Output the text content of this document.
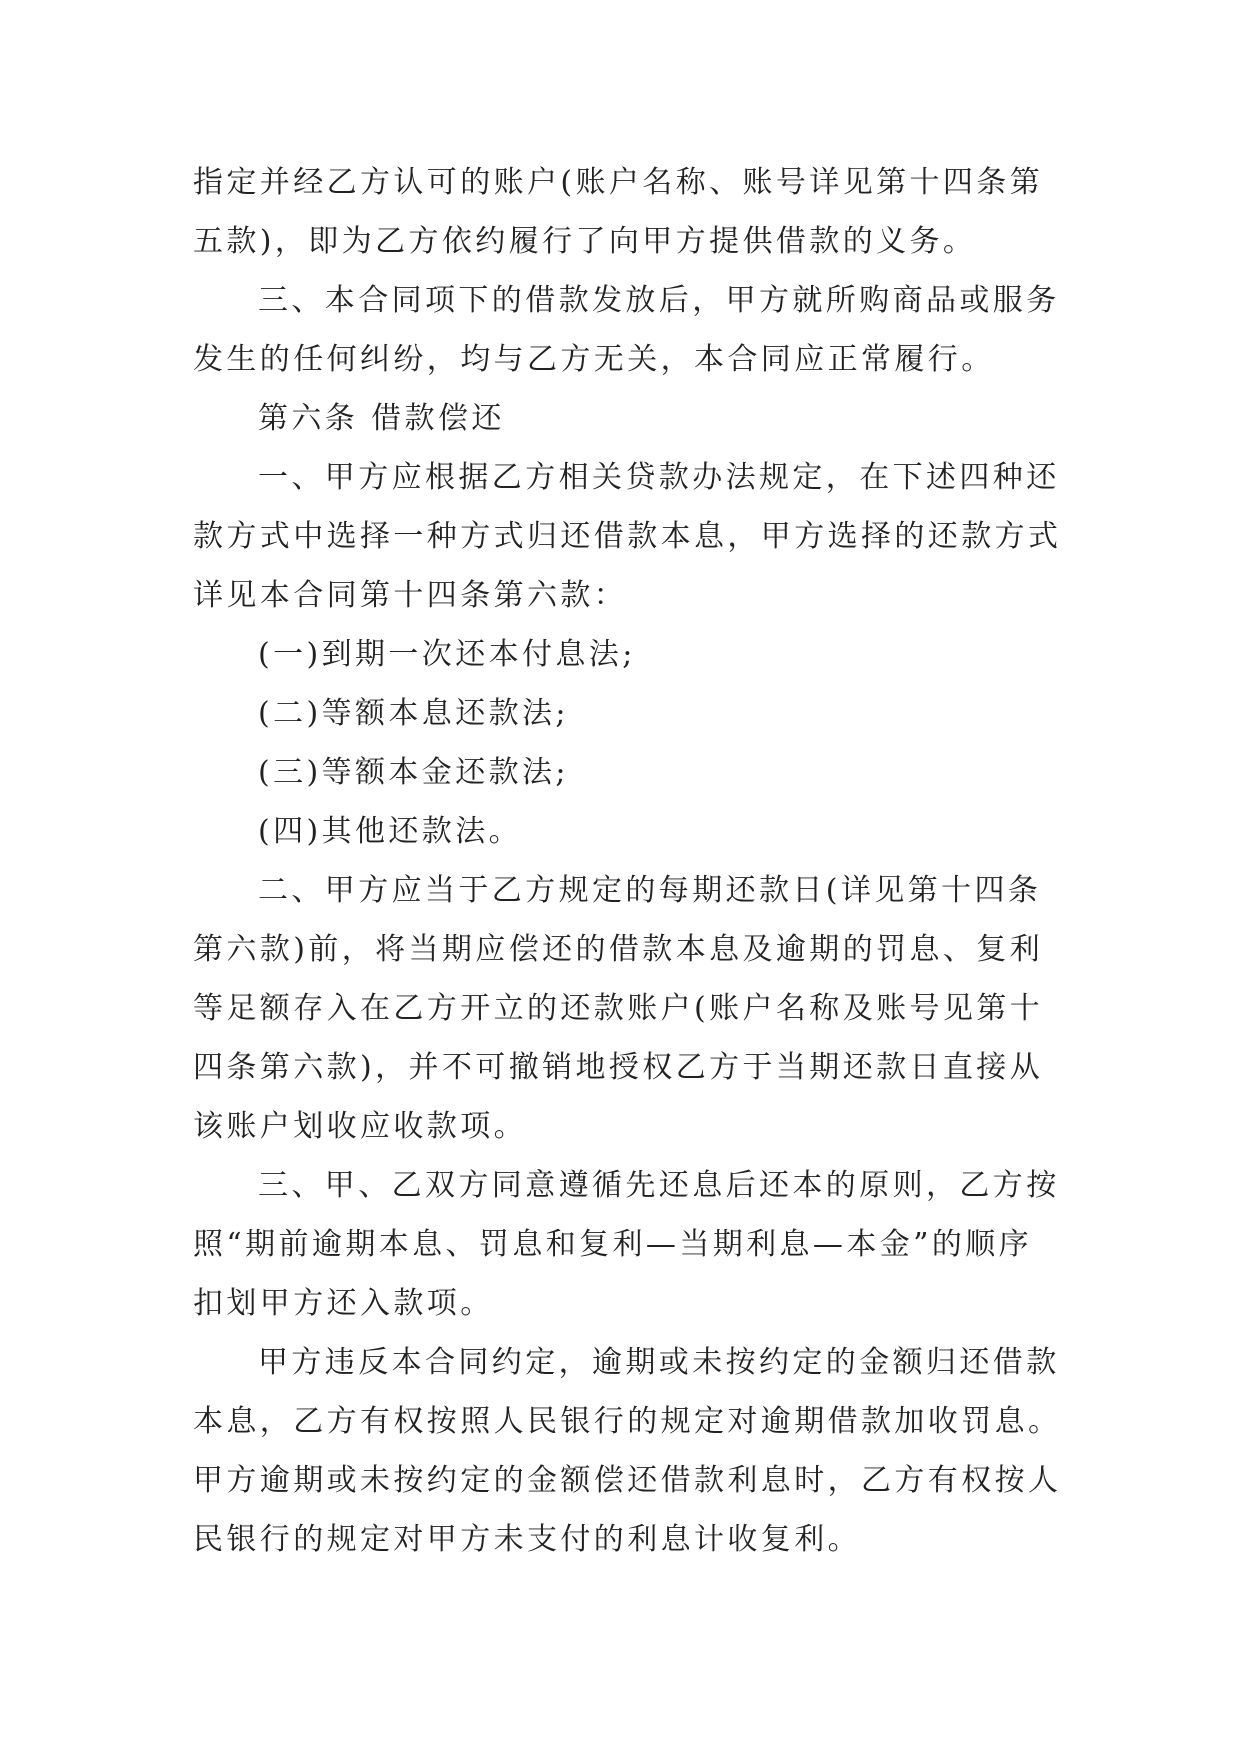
指定并经乙方认可的账户(账户名称、账号详见第十四条第
五款)，即为乙方依约履行了向甲方提供借款的义务。
三、本合同项下的借款发放后，甲方就所购商品或服务
发生的任何纠纷，均与乙方无关，本合同应正常履行。
第六条 借款偿还
一、甲方应根据乙方相关贷款办法规定，在下述四种还
款方式中选择一种方式归还借款本息，甲方选择的还款方式
详见本合同第十四条第六款：
(一)到期一次还本付息法;
(二)等额本息还款法;
(三)等额本金还款法;
(四)其他还款法。
二、甲方应当于乙方规定的每期还款日(详见第十四条
第六款)前，将当期应偿还的借款本息及逾期的罚息、复利
等足额存入在乙方开立的还款账户(账户名称及账号见第十
四条第六款)，并不可撤销地授权乙方于当期还款日直接从
该账户划收应收款项。
三、甲、乙双方同意遵循先还息后还本的原则，乙方按
照“期前逾期本息、罚息和复利—当期利息—本金”的顺序
扣划甲方还入款项。
甲方违反本合同约定，逾期或未按约定的金额归还借款
本息，乙方有权按照人民银行的规定对逾期借款加收罚息。
甲方逾期或未按约定的金额偿还借款利息时，乙方有权按人
民银行的规定对甲方未支付的利息计收复利。
